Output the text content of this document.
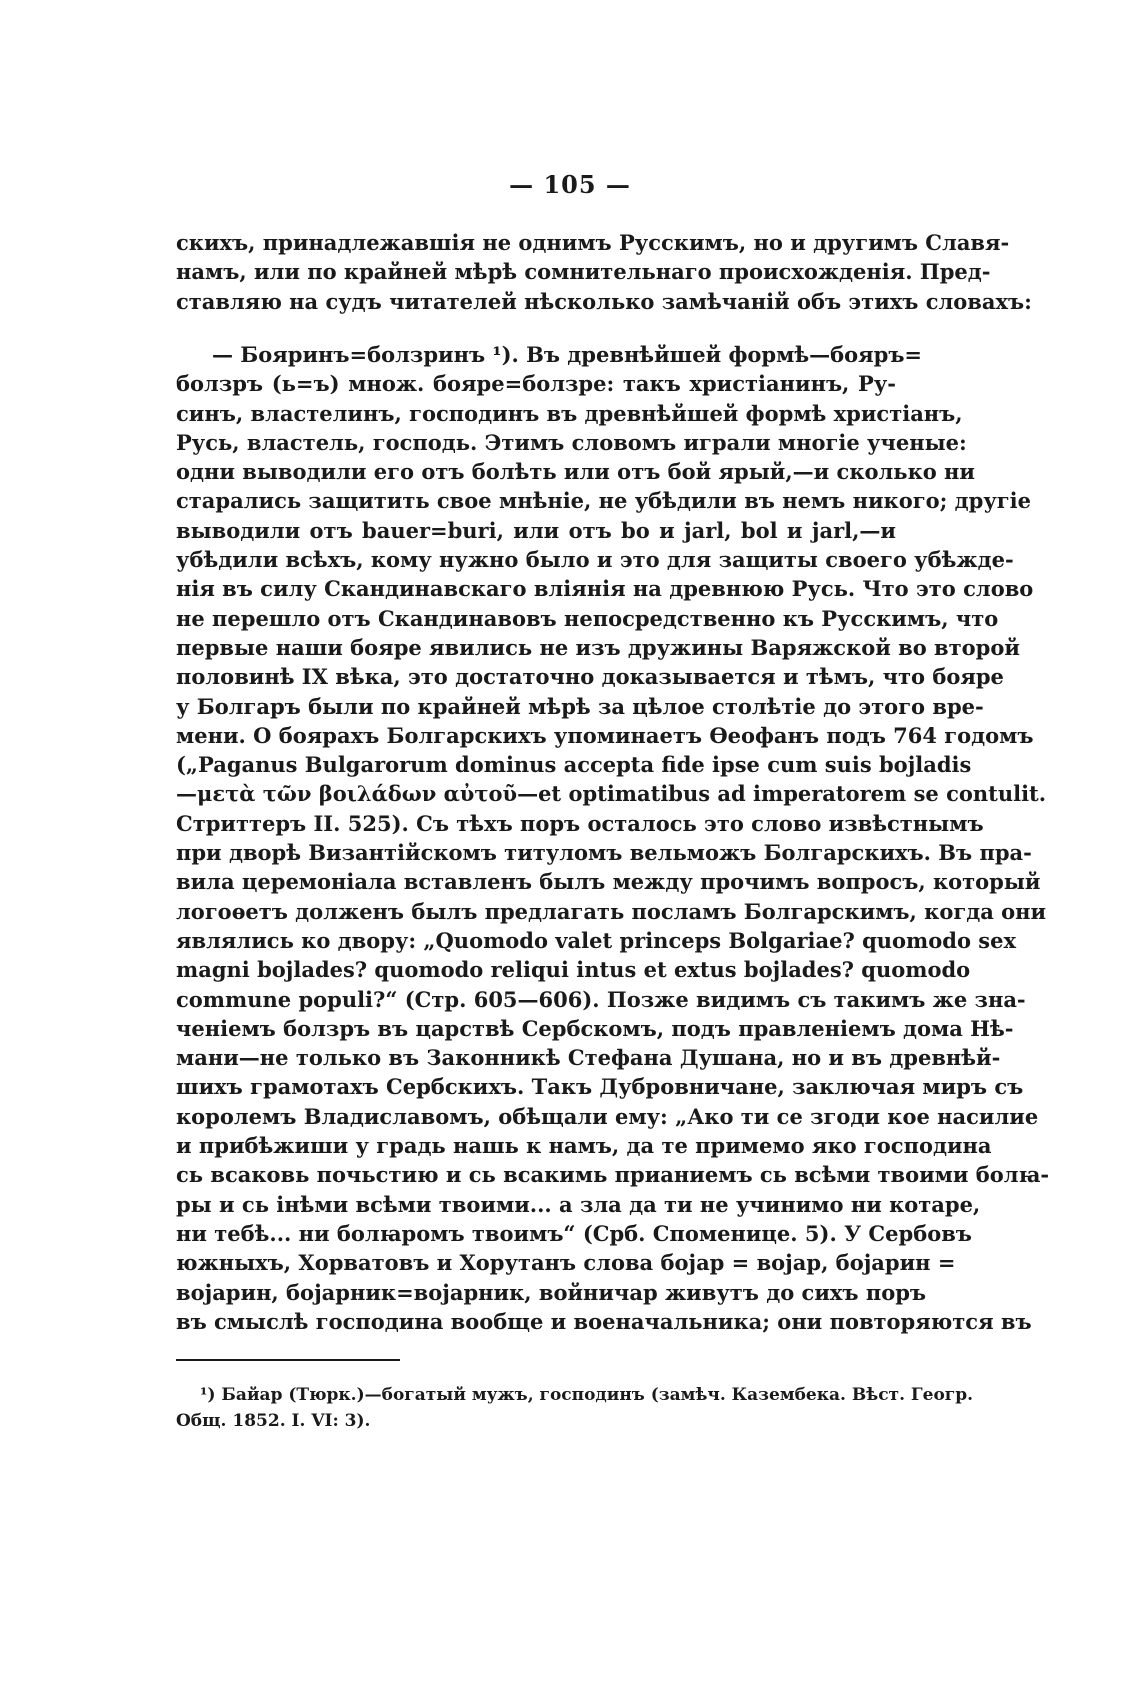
— 105 —
скихъ, принадлежавшія не однимъ Русскимъ, но и другимъ Славя-
намъ, или по крайней мѣрѣ сомнительнаго происхожденія. Пред-
ставляю на судъ читателей нѣсколько замѣчаній объ этихъ словахъ:
— Бояринъ=болзринъ ¹). Въ древнѣйшей формѣ—бояръ=
болзръ (ь=ъ) множ. бояре=болзре: такъ христіанинъ, Ру-
синъ, властелинъ, господинъ въ древнѣйшей формѣ христіанъ,
Русь, властель, господь. Этимъ словомъ играли многіе ученые:
одни выводили его отъ болѣть или отъ бой ярый,—и сколько ни
старались защитить свое мнѣніе, не убѣдили въ немъ никого; другіе
выводили отъ bauer=buri, или отъ bo и jarl, bol и jarl,—и
убѣдили всѣхъ, кому нужно было и это для защиты своего убѣжде-
нія въ силу Скандинавскаго вліянія на древнюю Русь. Что это слово
не перешло отъ Скандинавовъ непосредственно къ Русскимъ, что
первые наши бояре явились не изъ дружины Варяжской во второй
половинѣ IX вѣка, это достаточно доказывается и тѣмъ, что бояре
у Болгаръ были по крайней мѣрѣ за цѣлое столѣтіе до этого вре-
мени. О боярахъ Болгарскихъ упоминаетъ Ѳеофанъ подъ 764 годомъ
(„Paganus Bulgarorum dominus accepta fide ipse cum suis bojladis
—μετὰ τῶν βοιλάδων αὐτοῦ—et optimatibus ad imperatorem se contulit.
Стриттеръ II. 525). Съ тѣхъ поръ осталось это слово извѣстнымъ
при дворѣ Византійскомъ титуломъ вельможъ Болгарскихъ. Въ пра-
вила церемоніала вставленъ былъ между прочимъ вопросъ, который
логоѳетъ долженъ былъ предлагать посламъ Болгарскимъ, когда они
являлись ко двору: „Quomodo valet princeps Bolgariae? quomodo sex
magni bojlades? quomodo reliqui intus et extus bojlades? quomodo
commune populi?“ (Стр. 605—606). Позже видимъ съ такимъ же зна-
ченіемъ болзръ въ царствѣ Сербскомъ, подъ правленіемъ дома Нѣ-
мани—не только въ Законникѣ Стефана Душана, но и въ древнѣй-
шихъ грамотахъ Сербскихъ. Такъ Дубровничане, заключая миръ съ
королемъ Владиславомъ, обѣщали ему: „Ако ти се згоди кое насилие
и прибѣжиши у градь нашь к намъ, да те примемо яко господина
сь всаковь почьстию и сь всакимь прианиемъ сь всѣми твоими болꙗ-
ры и сь інѣми всѣми твоими... а зла да ти не учинимо ни котаре,
ни тебѣ... ни болꙗромъ твоимъ“ (Срб. Споменице. 5). У Сербовъ
южныхъ, Хорватовъ и Хорутанъ слова бојар = вoјар, бојарин =
вoјарин, бојарник=вoјарник, войничар живутъ до сихъ поръ
въ смыслѣ господина вообще и военачальника; они повторяются въ
¹) Байар (Тюрк.)—богатый мужъ, господинъ (замѣч. Казембека. Вѣст. Геогр.
Общ. 1852. I. VI: 3).
